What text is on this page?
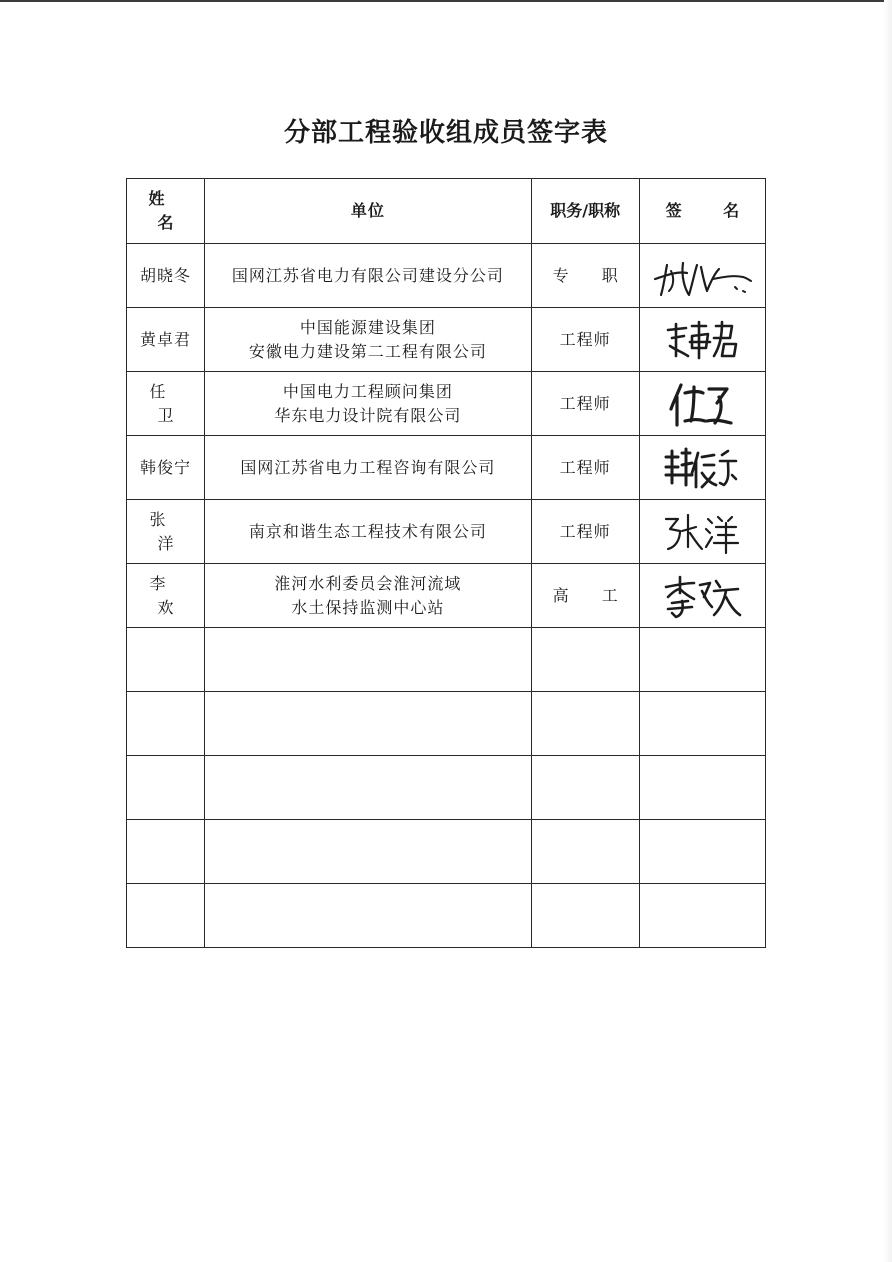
分部工程验收组成员签字表
姓 名	单位	职务/职称	签 名
胡晓冬	国网江苏省电力有限公司建设分公司	专 职	

黄卓君	中国能源建设集团
安徽电力建设第二工程有限公司	工程师	

任 卫	中国电力工程顾问集团
华东电力设计院有限公司	工程师	

韩俊宁	国网江苏省电力工程咨询有限公司	工程师	

张 洋	南京和谐生态工程技术有限公司	工程师	

李 欢	淮河水利委员会淮河流域
水土保持监测中心站	高 工	
